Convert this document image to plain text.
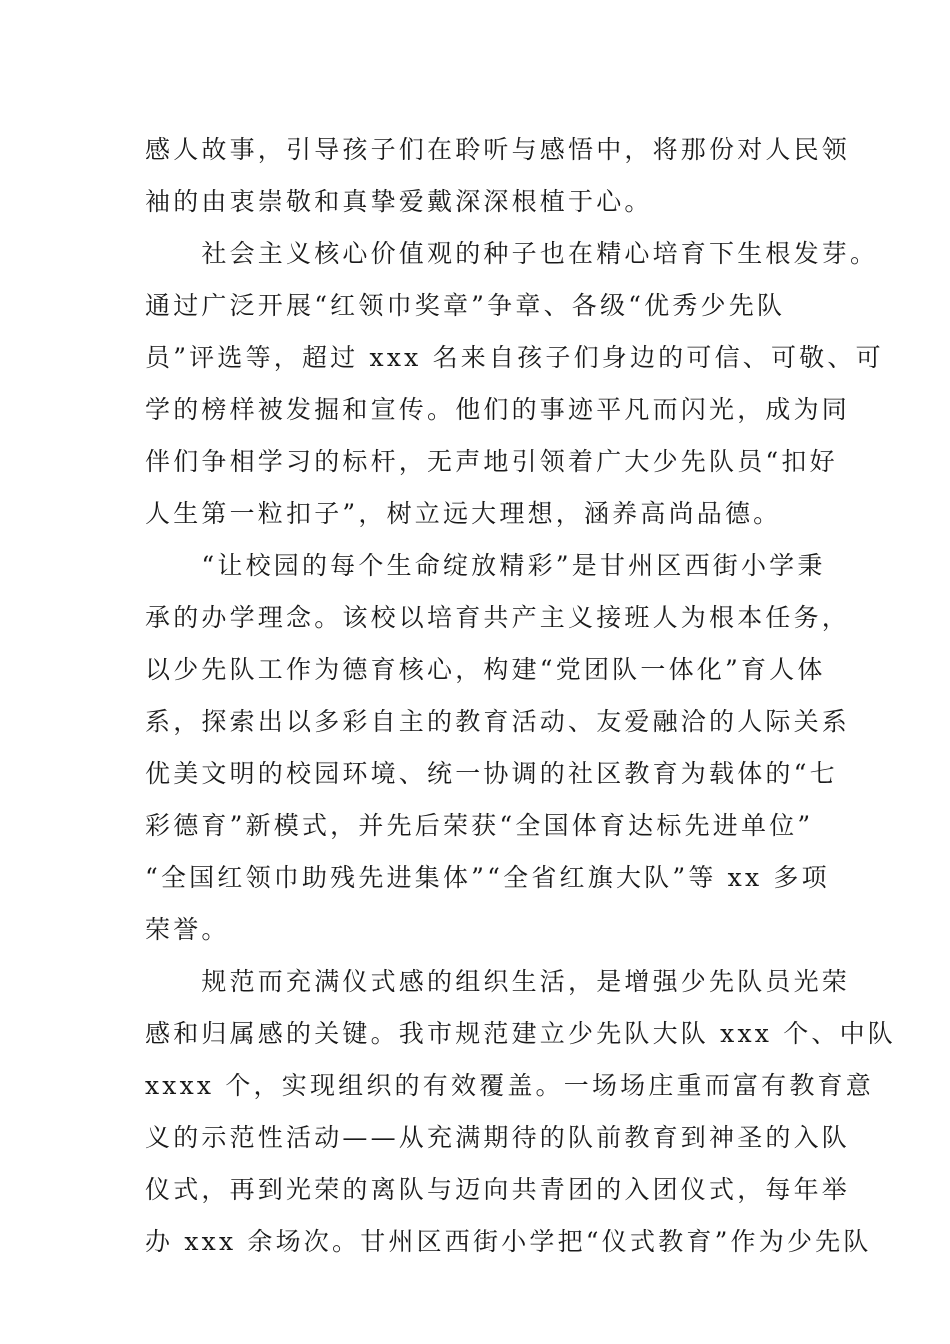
感人故事，引导孩子们在聆听与感悟中，将那份对人民领
袖的由衷崇敬和真挚爱戴深深根植于心。
　　社会主义核心价值观的种子也在精心培育下生根发芽。
通过广泛开展“红领巾奖章”争章、各级“优秀少先队
员”评选等，超过 xxx 名来自孩子们身边的可信、可敬、可
学的榜样被发掘和宣传。他们的事迹平凡而闪光，成为同
伴们争相学习的标杆，无声地引领着广大少先队员“扣好
人生第一粒扣子”，树立远大理想，涵养高尚品德。
　　“让校园的每个生命绽放精彩”是甘州区西街小学秉
承的办学理念。该校以培育共产主义接班人为根本任务，
以少先队工作为德育核心，构建“党团队一体化”育人体
系，探索出以多彩自主的教育活动、友爱融洽的人际关系
优美文明的校园环境、统一协调的社区教育为载体的“七
彩德育”新模式，并先后荣获“全国体育达标先进单位”
“全国红领巾助残先进集体”“全省红旗大队”等 xx 多项
荣誉。
　　规范而充满仪式感的组织生活，是增强少先队员光荣
感和归属感的关键。我市规范建立少先队大队 xxx 个、中队
xxxx 个，实现组织的有效覆盖。一场场庄重而富有教育意
义的示范性活动——从充满期待的队前教育到神圣的入队
仪式，再到光荣的离队与迈向共青团的入团仪式，每年举
办 xxx 余场次。甘州区西街小学把“仪式教育”作为少先队
